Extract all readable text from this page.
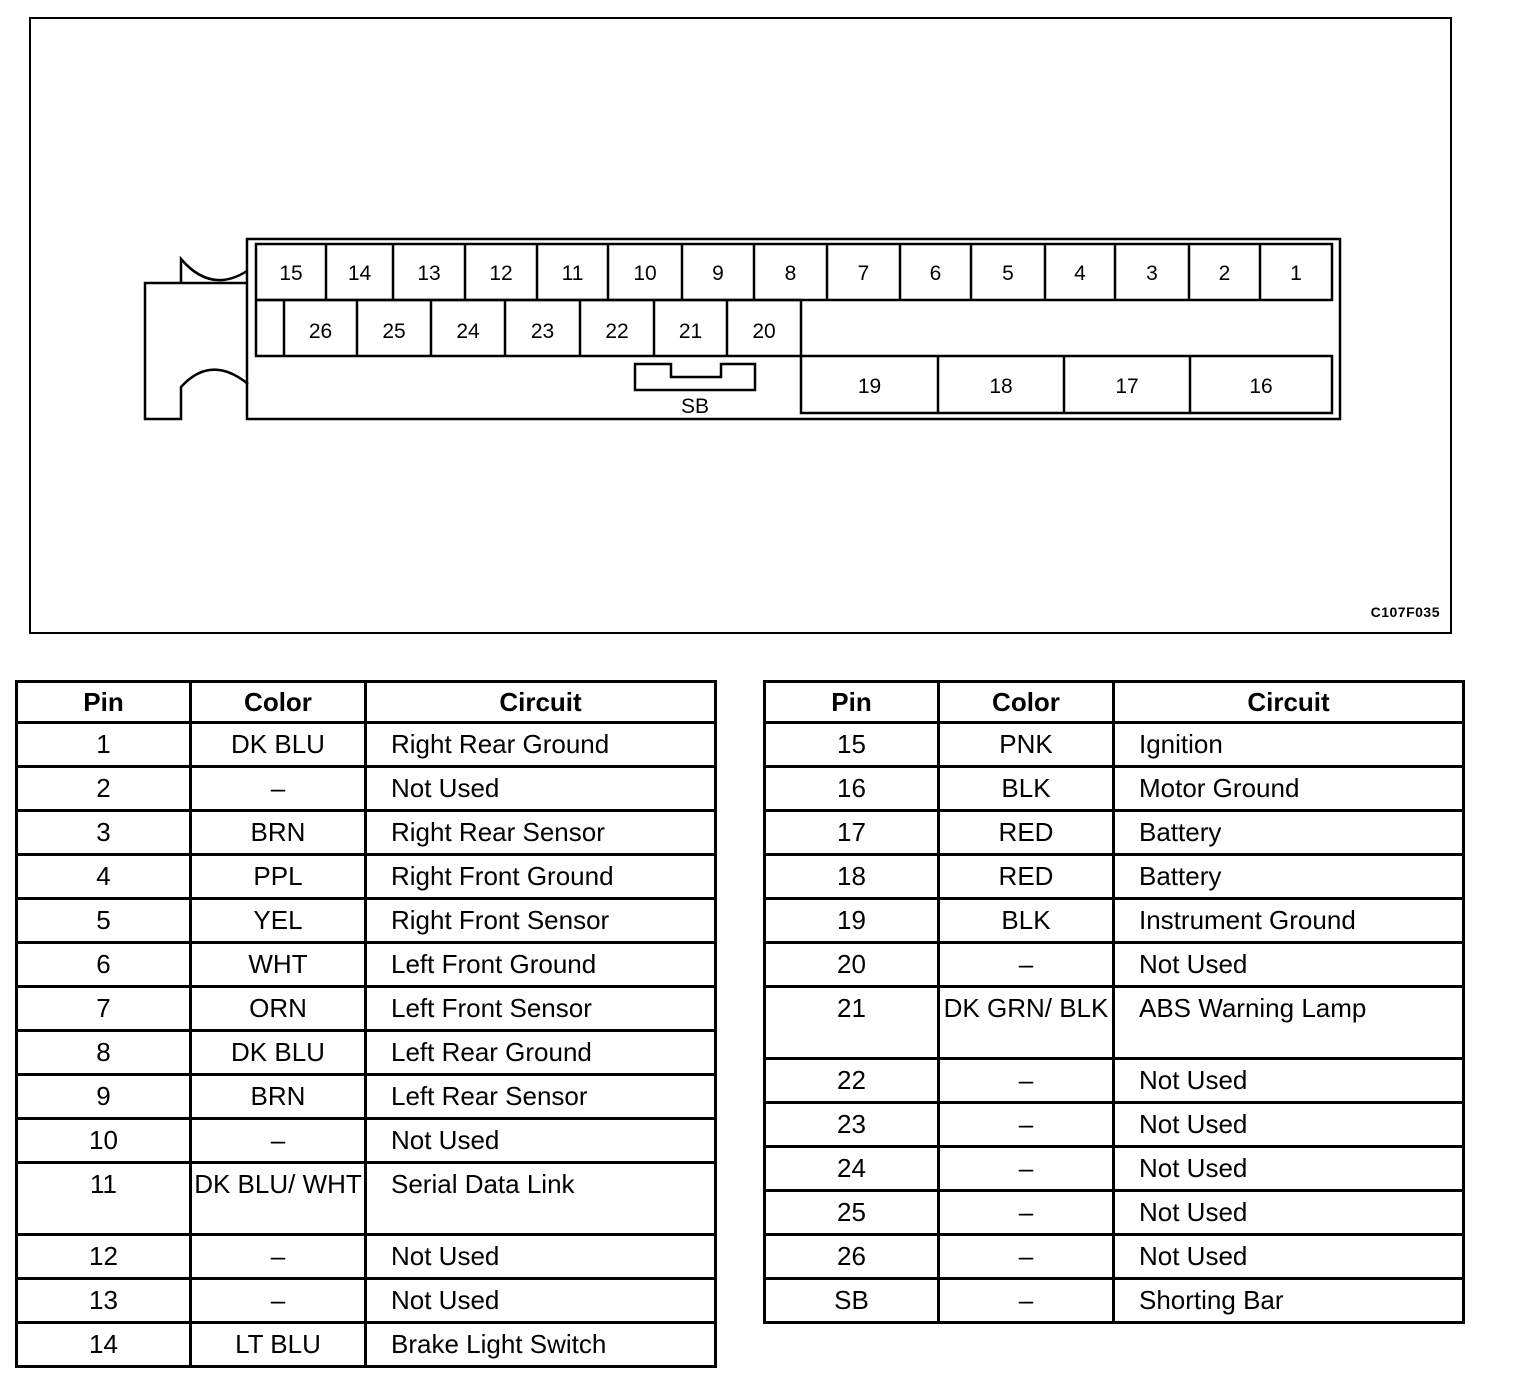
15 14 13 12 11 10	9	8	7	6	5	4	3	2	1
26 25 24 23 22 21 20
19	18	17	16
SB
C107F035
Pin	Color	Circuit
1	DK BLU	Right Rear Ground
2	–	Not Used
3	BRN	Right Rear Sensor
4	PPL	Right Front Ground
5	YEL	Right Front Sensor
6	WHT	Left Front Ground
7	ORN	Left Front Sensor
8	DK BLU	Left Rear Ground
9	BRN	Left Rear Sensor
10	–	Not Used
11	DK BLU/ WHT	Serial Data Link
12	–	Not Used
13	–	Not Used
14	LT BLU	Brake Light Switch
Pin	Color	Circuit
15	PNK	Ignition
16	BLK	Motor Ground
17	RED	Battery
18	RED	Battery
19	BLK	Instrument Ground
20	–	Not Used
21	DK GRN/ BLK	ABS Warning Lamp
22	–	Not Used
23	–	Not Used
24	–	Not Used
25	–	Not Used
26	–	Not Used
SB	–	Shorting Bar
